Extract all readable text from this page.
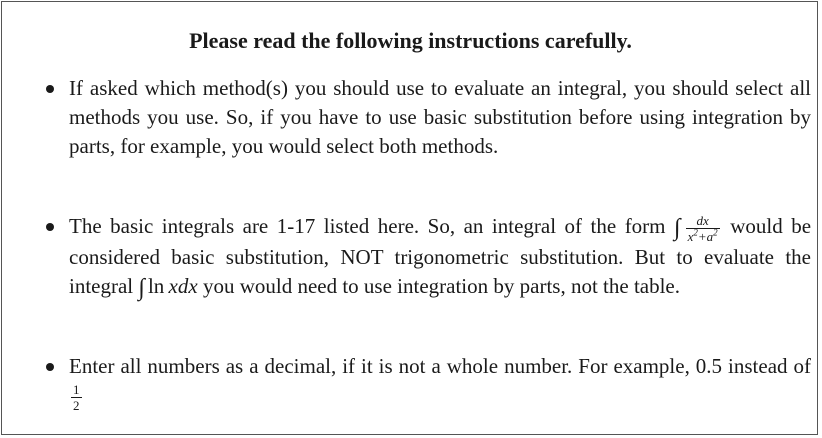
Please read the following instructions carefully.
If asked which method(s) you should use to evaluate an integral, you should select all methods you use. So, if you have to use basic substitution before using integration by parts, for example, you would select both methods.
The basic integrals are 1-17 listed here. So, an integral of the form ∫ $\frac{dx}{x^2+a^2}$ would be considered basic substitution, NOT trigonometric substitution. But to evaluate the integral ∫ ln  xdx you would need to use integration by parts, not the table.
Enter all numbers as a decimal, if it is not a whole number. For example, 0.5 instead of
$\frac{1}{2}$
